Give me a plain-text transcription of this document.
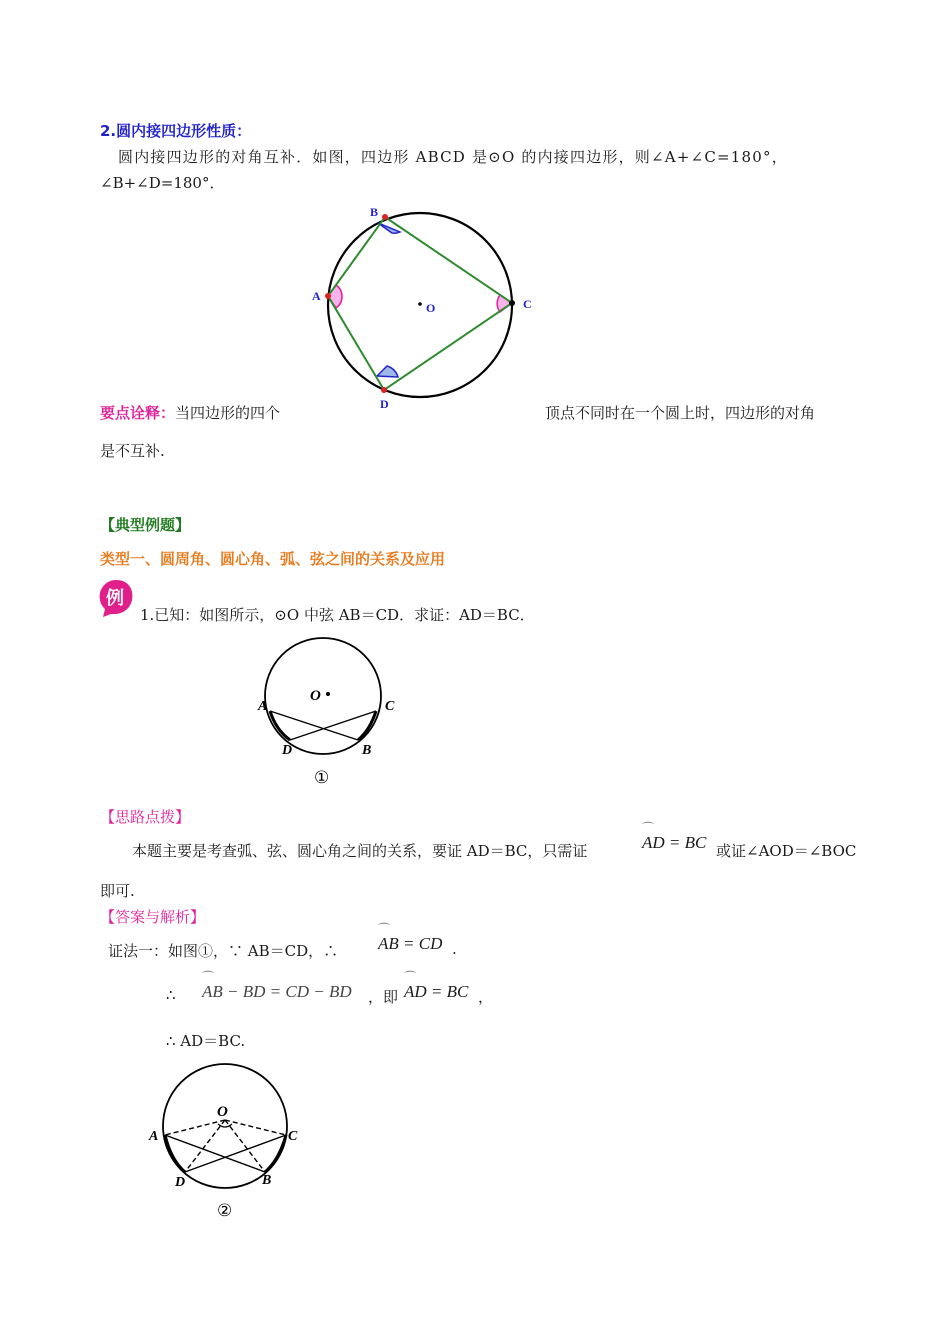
2.圆内接四边形性质：
圆内接四边形的对角互补．如图，四边形 ABCD 是⊙O 的内接四边形，则∠A+∠C=180°，
∠B+∠D=180°．
B
A
C
D
O
要点诠释：当四边形的四个	顶点不同时在一个圆上时，四边形的对角
是不互补.
【典型例题】
类型一、圆周角、圆心角、弧、弦之间的关系及应用
例
1.已知：如图所示，⊙O 中弦 AB＝CD．求证：AD＝BC．
O
A	C
D	B
①
【思路点拨】
本题主要是考查弧、弦、圆心角之间的关系，要证 AD＝BC，只需证	⌒ AD = BC 或证∠AOD＝∠BOC
即可.
【答案与解析】
证法一：如图①，∵ AB＝CD，∴ ⌒ AB = CD .
∴ ⌒ AB − BD = CD − BD ，即 ⌒ AD = BC ，
∴ AD＝BC.
O
A	C
D	B
②
